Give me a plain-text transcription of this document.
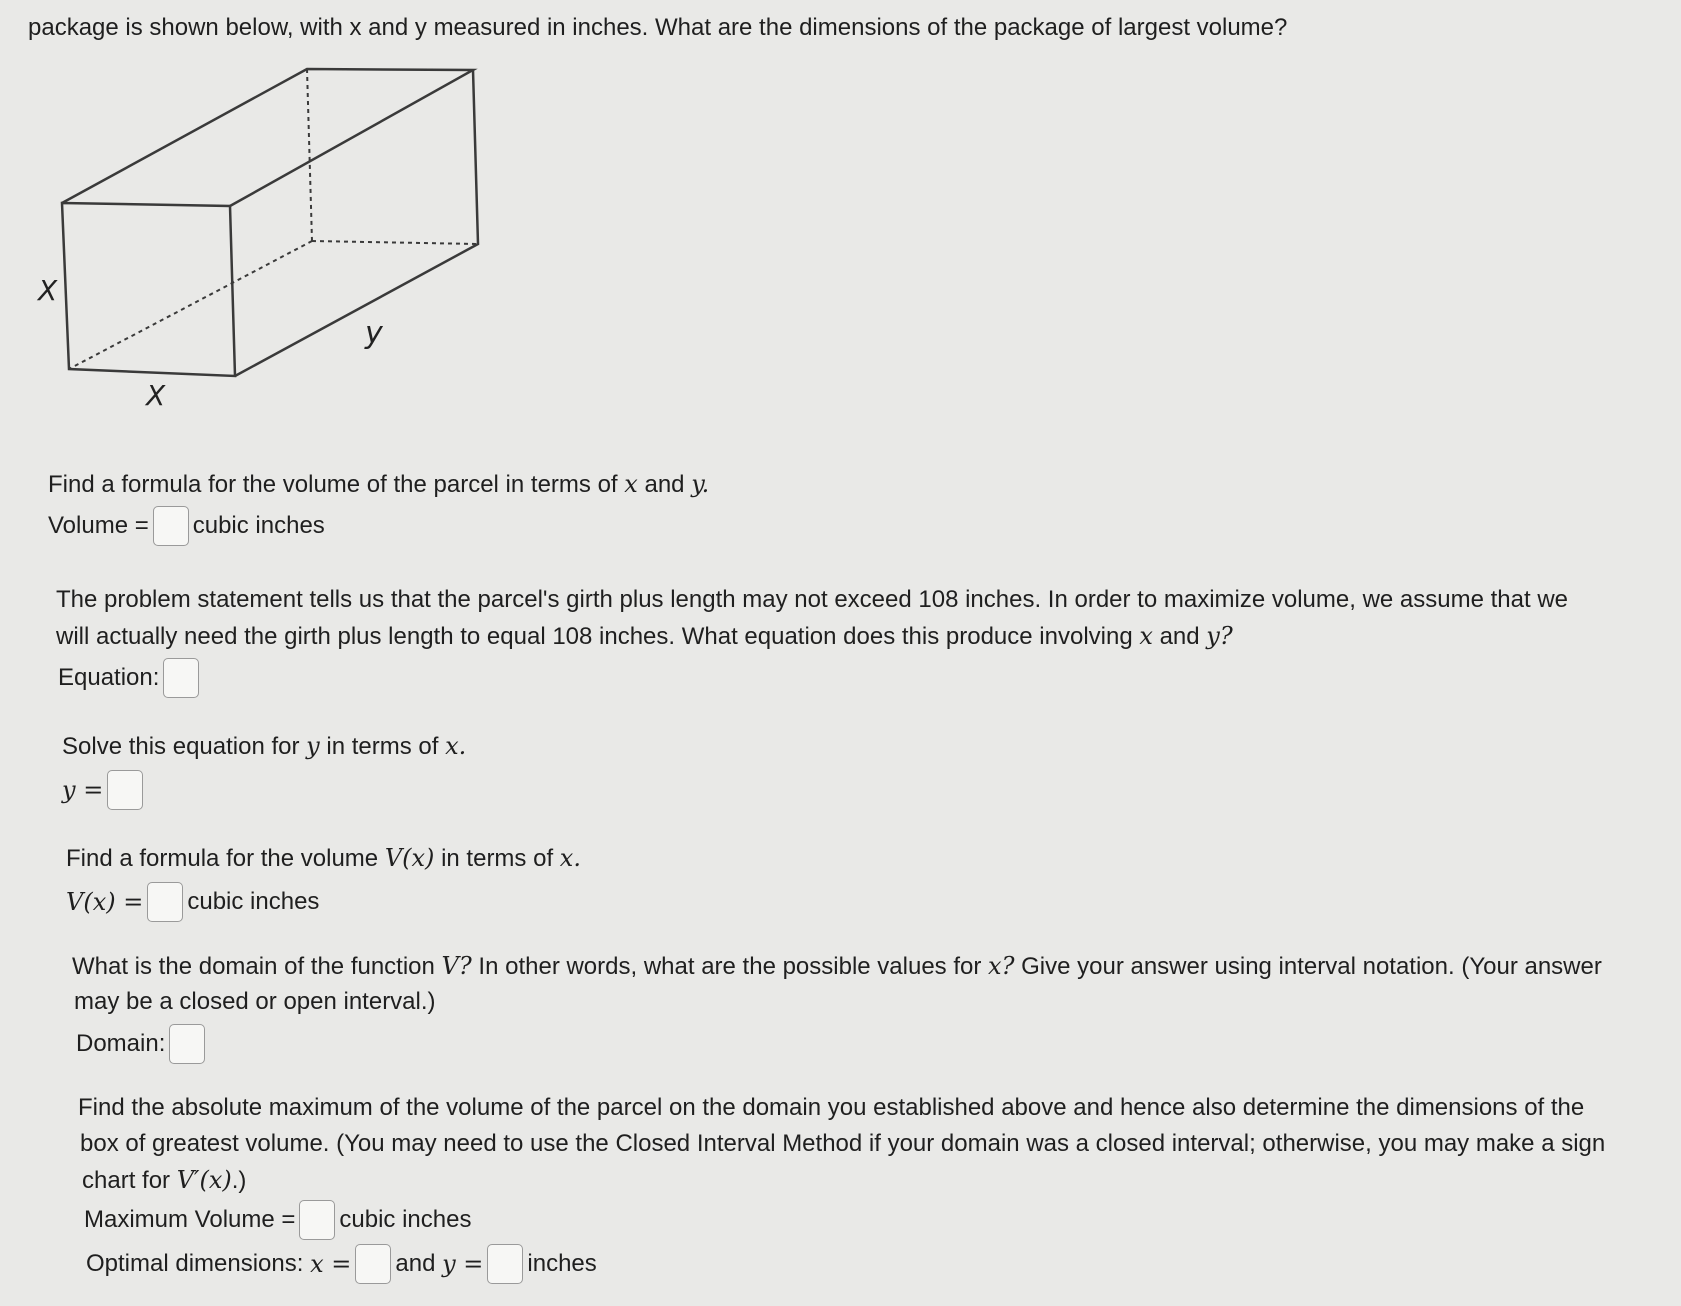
package is shown below, with x and y measured in inches. What are the dimensions of the package of largest volume?
X
X
y
Find a formula for the volume of the parcel in terms of x and y.
Volume = cubic inches
The problem statement tells us that the parcel's girth plus length may not exceed 108 inches. In order to maximize volume, we assume that we
will actually need the girth plus length to equal 108 inches. What equation does this produce involving x and y?
Equation:
Solve this equation for y in terms of x.
y =
Find a formula for the volume V(x) in terms of x.
V(x) = cubic inches
What is the domain of the function V? In other words, what are the possible values for x? Give your answer using interval notation. (Your answer
may be a closed or open interval.)
Domain:
Find the absolute maximum of the volume of the parcel on the domain you established above and hence also determine the dimensions of the
box of greatest volume. (You may need to use the Closed Interval Method if your domain was a closed interval; otherwise, you may make a sign
chart for V′(x).)
Maximum Volume = cubic inches
Optimal dimensions: x = and y = inches
